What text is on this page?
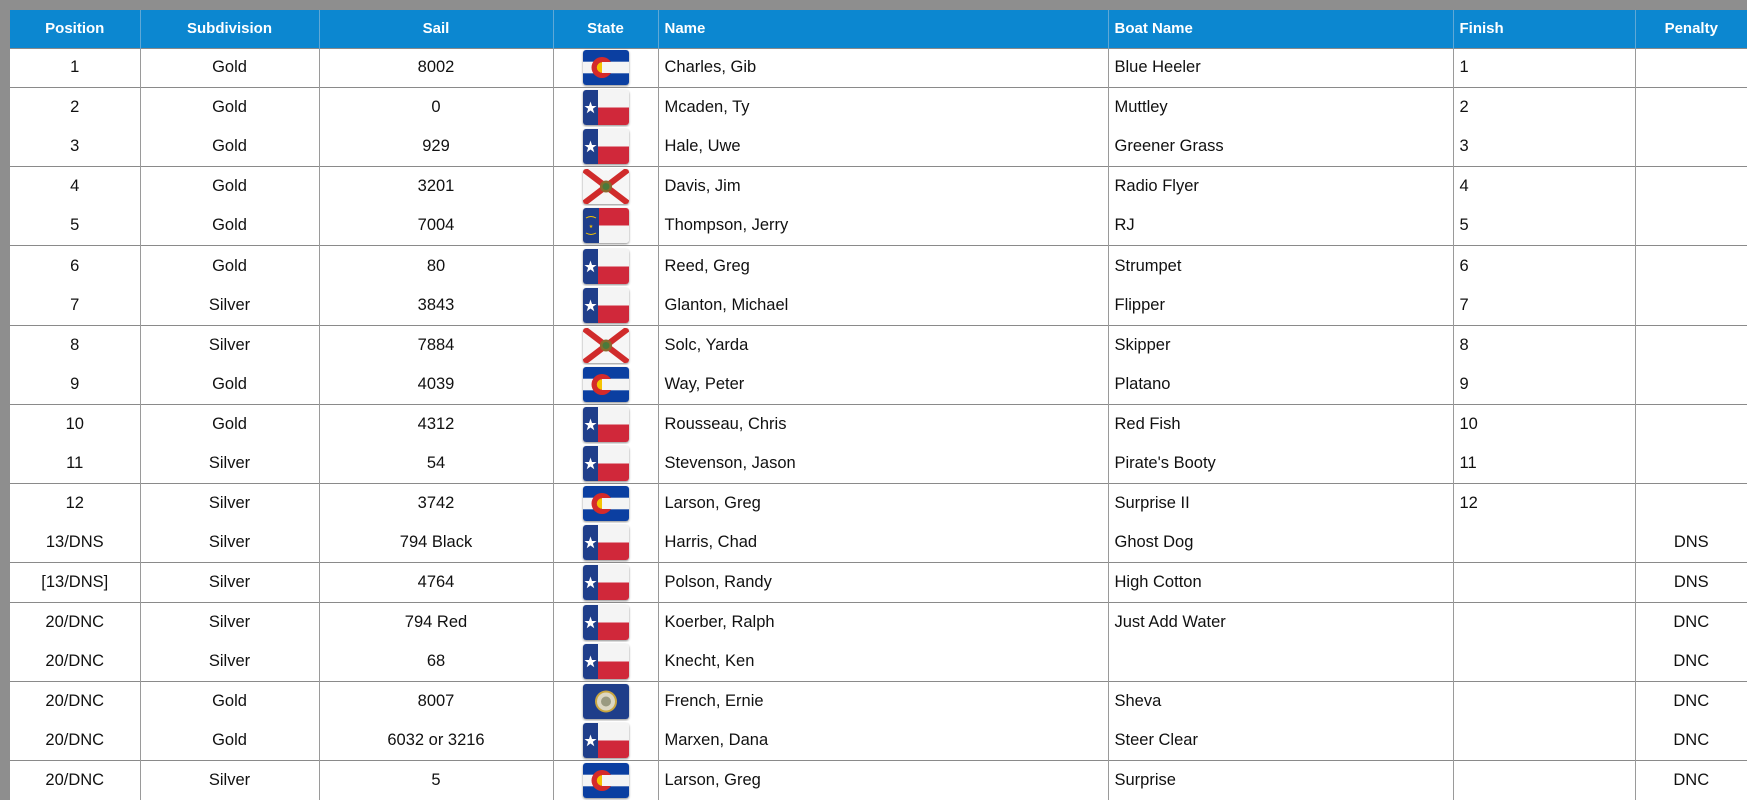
Position	Subdivision	Sail	State	Name	Boat Name	Finish	Penalty
1	Gold	8002		Charles, Gib	Blue Heeler	1	
2	Gold	0		Mcaden, Ty	Muttley	2	
3	Gold	929		Hale, Uwe	Greener Grass	3	
4	Gold	3201		Davis, Jim	Radio Flyer	4	
5	Gold	7004	★	Thompson, Jerry	RJ	5	
6	Gold	80		Reed, Greg	Strumpet	6	
7	Silver	3843		Glanton, Michael	Flipper	7	
8	Silver	7884		Solc, Yarda	Skipper	8	
9	Gold	4039		Way, Peter	Platano	9	
10	Gold	4312		Rousseau, Chris	Red Fish	10	
11	Silver	54		Stevenson, Jason	Pirate's Booty	11	
12	Silver	3742		Larson, Greg	Surprise II	12	
13/DNS	Silver	794 Black		Harris, Chad	Ghost Dog		DNS
[13/DNS]	Silver	4764		Polson, Randy	High Cotton		DNS
20/DNC	Silver	794 Red		Koerber, Ralph	Just Add Water		DNC
20/DNC	Silver	68		Knecht, Ken			DNC
20/DNC	Gold	8007		French, Ernie	Sheva		DNC
20/DNC	Gold	6032 or 3216		Marxen, Dana	Steer Clear		DNC
20/DNC	Silver	5		Larson, Greg	Surprise		DNC
